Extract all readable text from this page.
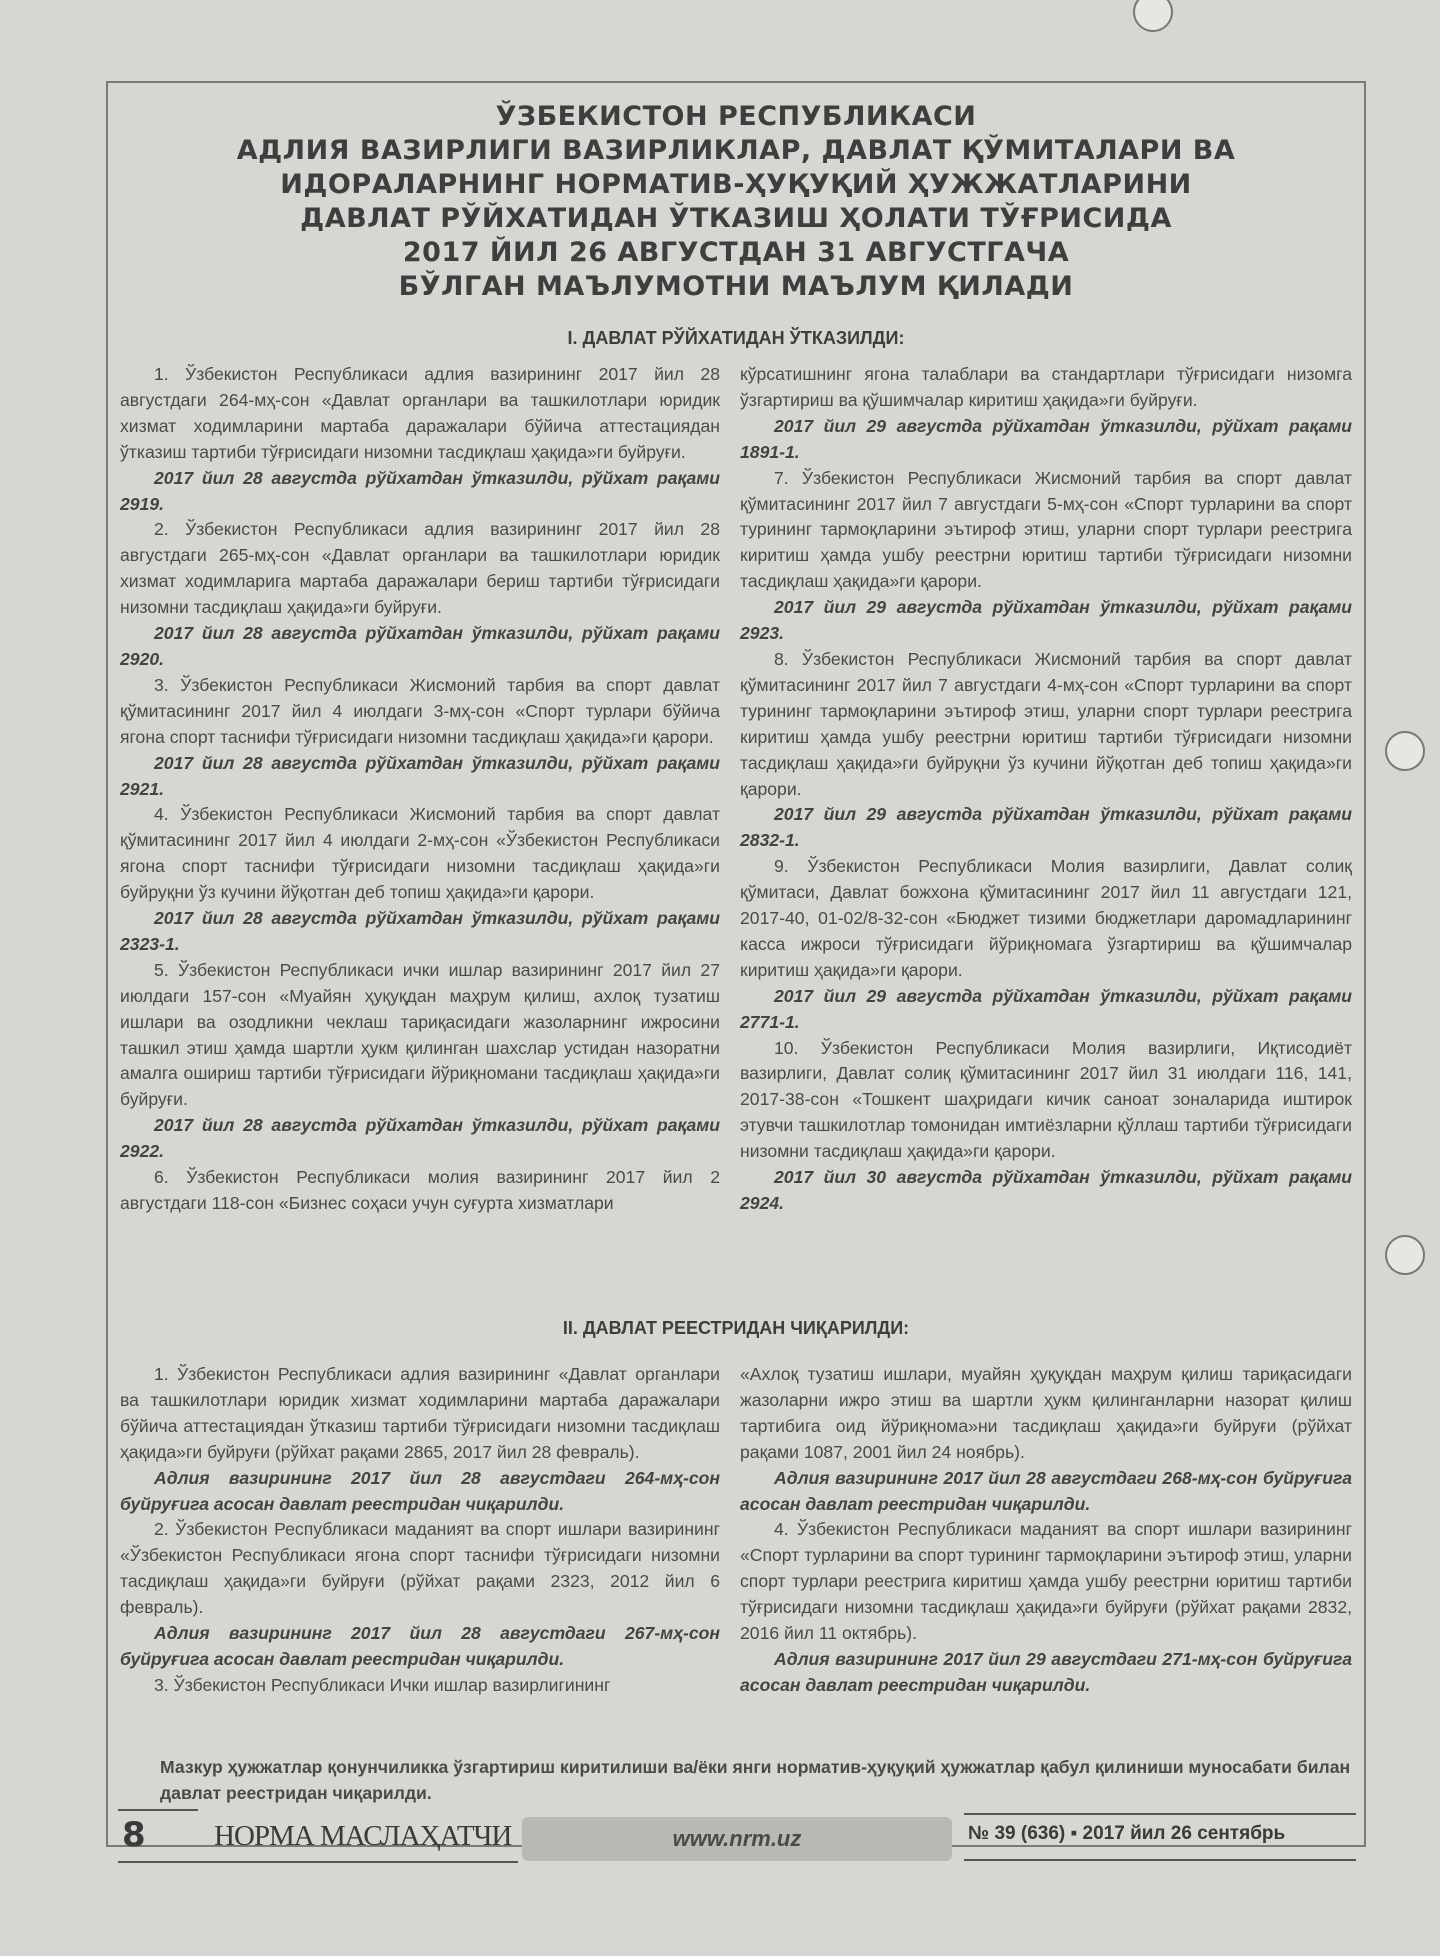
ЎЗБЕКИСТОН РЕСПУБЛИКАСИ
АДЛИЯ ВАЗИРЛИГИ ВАЗИРЛИКЛАР, ДАВЛАТ ҚЎМИТАЛАРИ ВА
ИДОРАЛАРНИНГ НОРМАТИВ-ҲУҚУҚИЙ ҲУЖЖАТЛАРИНИ
ДАВЛАТ РЎЙХАТИДАН ЎТКАЗИШ ҲОЛАТИ ТЎҒРИСИДА
2017 ЙИЛ 26 АВГУСТДАН 31 АВГУСТГАЧА
БЎЛГАН МАЪЛУМОТНИ МАЪЛУМ ҚИЛАДИ
I. ДАВЛАТ РЎЙХАТИДАН ЎТКАЗИЛДИ:

1. Ўзбекистон Республикаси адлия вазирининг 2017 йил 28 августдаги 264-мҳ-сон «Давлат органлари ва ташкилотлари юридик хизмат ходимларини мартаба даражалари бўйича аттестациядан ўтказиш тартиби тўғрисидаги низомни тасдиқлаш ҳақида»ги буйруғи.

2017 йил 28 августда рўйхатдан ўтказилди, рўйхат рақами 2919.

2. Ўзбекистон Республикаси адлия вазирининг 2017 йил 28 августдаги 265-мҳ-сон «Давлат органлари ва ташкилотлари юридик хизмат ходимларига мартаба даражалари бериш тартиби тўғрисидаги низомни тасдиқлаш ҳақида»ги буйруғи.

2017 йил 28 августда рўйхатдан ўтказилди, рўйхат рақами 2920.

3. Ўзбекистон Республикаси Жисмоний тарбия ва спорт давлат қўмитасининг 2017 йил 4 июлдаги 3-мҳ-сон «Спорт турлари бўйича ягона спорт таснифи тўғрисидаги низомни тасдиқлаш ҳақида»ги қарори.

2017 йил 28 августда рўйхатдан ўтказилди, рўйхат рақами 2921.

4. Ўзбекистон Республикаси Жисмоний тарбия ва спорт давлат қўмитасининг 2017 йил 4 июлдаги 2-мҳ-сон «Ўзбекистон Республикаси ягона спорт таснифи тўғрисидаги низомни тасдиқлаш ҳақида»ги буйруқни ўз кучини йўқотган деб топиш ҳақида»ги қарори.

2017 йил 28 августда рўйхатдан ўтказилди, рўйхат рақами 2323-1.

5. Ўзбекистон Республикаси ички ишлар вазирининг 2017 йил 27 июлдаги 157-сон «Муайян ҳуқуқдан маҳрум қилиш, ахлоқ тузатиш ишлари ва озодликни чеклаш тариқасидаги жазоларнинг ижросини ташкил этиш ҳамда шартли ҳукм қилинган шахслар устидан назоратни амалга ошириш тартиби тўғрисидаги йўриқномани тасдиқлаш ҳақида»ги буйруғи.

2017 йил 28 августда рўйхатдан ўтказилди, рўйхат рақами 2922.

6. Ўзбекистон Республикаси молия вазирининг 2017 йил 2 августдаги 118-сон «Бизнес соҳаси учун суғурта хизматлари

кўрсатишнинг ягона талаблари ва стандартлари тўғрисидаги низомга ўзгартириш ва қўшимчалар киритиш ҳақида»ги буйруғи.

2017 йил 29 августда рўйхатдан ўтказилди, рўйхат рақами 1891-1.

7. Ўзбекистон Республикаси Жисмоний тарбия ва спорт давлат қўмитасининг 2017 йил 7 августдаги 5-мҳ-сон «Спорт турларини ва спорт турининг тармоқларини эътироф этиш, уларни спорт турлари реестрига киритиш ҳамда ушбу реестрни юритиш тартиби тўғрисидаги низомни тасдиқлаш ҳақида»ги қарори.

2017 йил 29 августда рўйхатдан ўтказилди, рўйхат рақами 2923.

8. Ўзбекистон Республикаси Жисмоний тарбия ва спорт давлат қўмитасининг 2017 йил 7 августдаги 4-мҳ-сон «Спорт турларини ва спорт турининг тармоқларини эътироф этиш, уларни спорт турлари реестрига киритиш ҳамда ушбу реестрни юритиш тартиби тўғрисидаги низомни тасдиқлаш ҳақида»ги буйруқни ўз кучини йўқотган деб топиш ҳақида»ги қарори.

2017 йил 29 августда рўйхатдан ўтказилди, рўйхат рақами 2832-1.

9. Ўзбекистон Республикаси Молия вазирлиги, Давлат солиқ қўмитаси, Давлат божхона қўмитасининг 2017 йил 11 августдаги 121, 2017-40, 01-02/8-32-сон «Бюджет тизими бюджетлари даромадларининг касса ижроси тўғрисидаги йўриқномага ўзгартириш ва қўшимчалар киритиш ҳақида»ги қарори.

2017 йил 29 августда рўйхатдан ўтказилди, рўйхат рақами 2771-1.

10. Ўзбекистон Республикаси Молия вазирлиги, Иқтисодиёт вазирлиги, Давлат солиқ қўмитасининг 2017 йил 31 июлдаги 116, 141, 2017-38-сон «Тошкент шаҳридаги кичик саноат зоналарида иштирок этувчи ташкилотлар томонидан имтиёзларни қўллаш тартиби тўғрисидаги низомни тасдиқлаш ҳақида»ги қарори.

2017 йил 30 августда рўйхатдан ўтказилди, рўйхат рақами 2924.

II. ДАВЛАТ РЕЕСТРИДАН ЧИҚАРИЛДИ:

1. Ўзбекистон Республикаси адлия вазирининг «Давлат органлари ва ташкилотлари юридик хизмат ходимларини мартаба даражалари бўйича аттестациядан ўтказиш тартиби тўғрисидаги низомни тасдиқлаш ҳақида»ги буйруғи (рўйхат рақами 2865, 2017 йил 28 февраль).

Адлия вазирининг 2017 йил 28 августдаги 264-мҳ-сон буйруғига асосан давлат реестридан чиқарилди.

2. Ўзбекистон Республикаси маданият ва спорт ишлари вазирининг «Ўзбекистон Республикаси ягона спорт таснифи тўғрисидаги низомни тасдиқлаш ҳақида»ги буйруғи (рўйхат рақами 2323, 2012 йил 6 февраль).

Адлия вазирининг 2017 йил 28 августдаги 267-мҳ-сон буйруғига асосан давлат реестридан чиқарилди.

3. Ўзбекистон Республикаси Ички ишлар вазирлигининг

«Ахлоқ тузатиш ишлари, муайян ҳуқуқдан маҳрум қилиш тариқасидаги жазоларни ижро этиш ва шартли ҳукм қилинганларни назорат қилиш тартибига оид йўриқнома»ни тасдиқлаш ҳақида»ги буйруғи (рўйхат рақами 1087, 2001 йил 24 ноябрь).

Адлия вазирининг 2017 йил 28 августдаги 268-мҳ-сон буйруғига асосан давлат реестридан чиқарилди.

4. Ўзбекистон Республикаси маданият ва спорт ишлари вазирининг «Спорт турларини ва спорт турининг тармоқларини эътироф этиш, уларни спорт турлари реестрига киритиш ҳамда ушбу реестрни юритиш тартиби тўғрисидаги низомни тасдиқлаш ҳақида»ги буйруғи (рўйхат рақами 2832, 2016 йил 11 октябрь).

Адлия вазирининг 2017 йил 29 августдаги 271-мҳ-сон буйруғига асосан давлат реестридан чиқарилди.

Мазкур ҳужжатлар қонунчиликка ўзгартириш киритилиши ва/ёки янги норматив-ҳуқуқий ҳужжатлар қабул қилиниши муносабати билан давлат реестридан чиқарилди.
8 НОРМА МАСЛАҲАТЧИ	www.nrm.uz	№ 39 (636) ▪ 2017 йил 26 сентябрь
